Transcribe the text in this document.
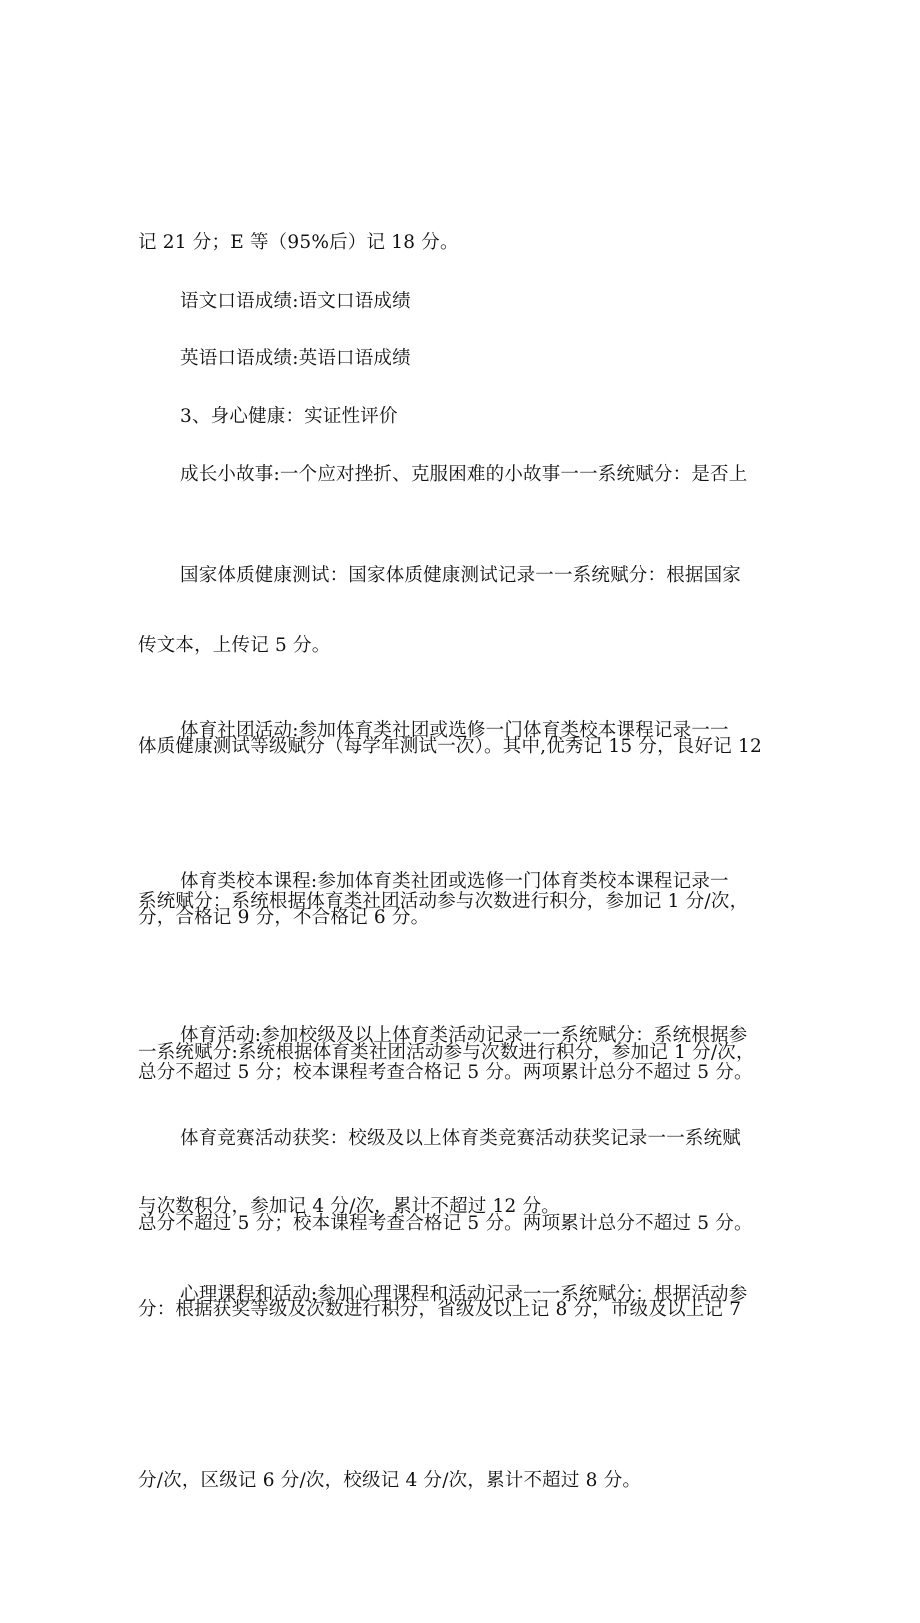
记 21 分；E 等（95%后）记 18 分。

语文口语成绩:语文口语成绩

英语口语成绩:英语口语成绩

3、身心健康：实证性评价

成长小故事:一个应对挫折、克服困难的小故事一一系统赋分：是否上

传文本，上传记 5 分。

国家体质健康测试：国家体质健康测试记录一一系统赋分：根据国家

体质健康测试等级赋分（每学年测试一次）。其中,优秀记 15 分，良好记 12

分，合格记 9 分，不合格记 6 分。

体育社团活动:参加体育类社团或选修一门体育类校本课程记录一一

系统赋分：系统根据体育类社团活动参与次数进行积分，参加记 1 分/次，

总分不超过 5 分；校本课程考查合格记 5 分。两项累计总分不超过 5 分。

体育类校本课程:参加体育类社团或选修一门体育类校本课程记录一

一系统赋分:系统根据体育类社团活动参与次数进行积分，参加记 1 分/次，

总分不超过 5 分；校本课程考查合格记 5 分。两项累计总分不超过 5 分。

体育活动:参加校级及以上体育类活动记录一一系统赋分：系统根据参

与次数积分，参加记 4 分/次，累计不超过 12 分。

体育竞赛活动获奖：校级及以上体育类竞赛活动获奖记录一一系统赋

分：根据获奖等级及次数进行积分，省级及以上记 8 分，市级及以上记 7

分/次，区级记 6 分/次，校级记 4 分/次，累计不超过 8 分。

心理课程和活动:参加心理课程和活动记录一一系统赋分：根据活动参
